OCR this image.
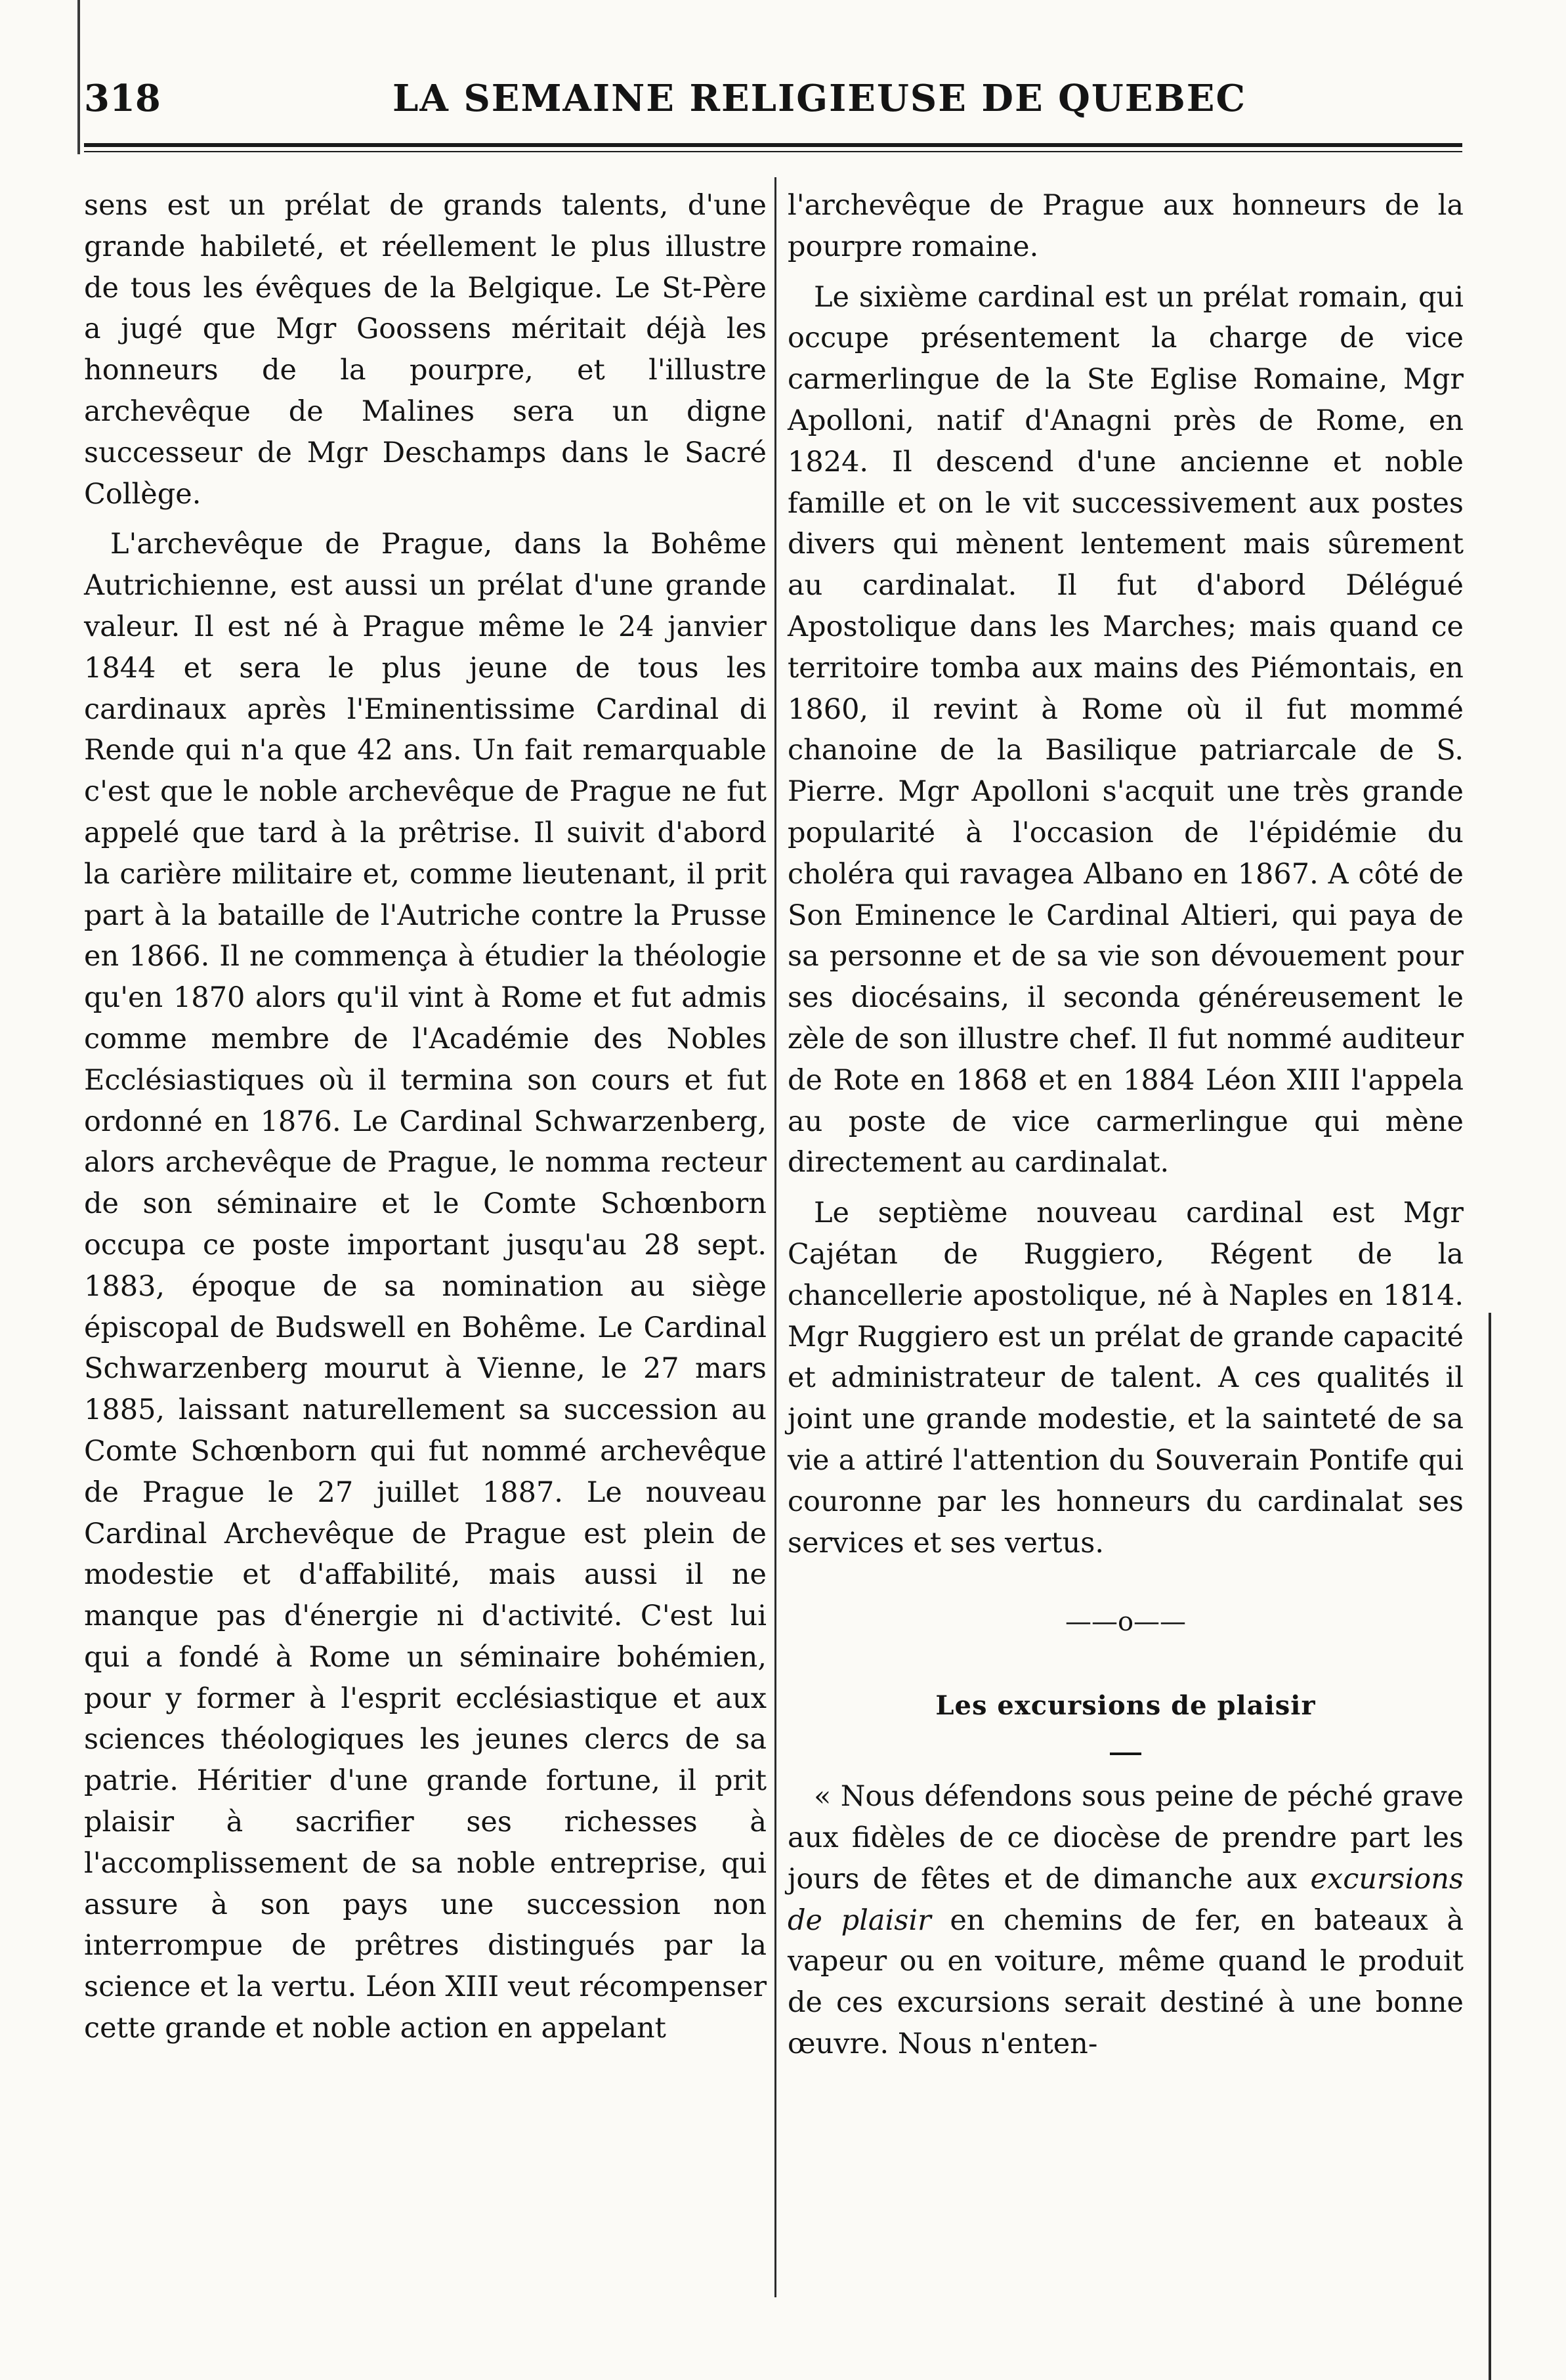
318	LA SEMAINE RELIGIEUSE DE QUEBEC

sens est un prélat de grands talents, d'une grande habileté, et réellement le plus illustre de tous les évêques de la Belgique. Le St-Père a jugé que Mgr Goossens méritait déjà les honneurs de la pourpre, et l'illustre archevêque de Malines sera un digne successeur de Mgr Deschamps dans le Sacré Collège.

L'archevêque de Prague, dans la Bohême Autrichienne, est aussi un prélat d'une grande valeur. Il est né à Prague même le 24 janvier 1844 et sera le plus jeune de tous les cardinaux après l'Eminentissime Cardinal di Rende qui n'a que 42 ans. Un fait remarquable c'est que le noble archevêque de Prague ne fut appelé que tard à la prêtrise. Il suivit d'abord la carière militaire et, comme lieutenant, il prit part à la bataille de l'Autriche contre la Prusse en 1866. Il ne commença à étudier la théologie qu'en 1870 alors qu'il vint à Rome et fut admis comme membre de l'Académie des Nobles Ecclésiastiques où il termina son cours et fut ordonné en 1876. Le Cardinal Schwarzenberg, alors archevêque de Prague, le nomma recteur de son séminaire et le Comte Schœnborn occupa ce poste important jusqu'au 28 sept. 1883, époque de sa nomination au siège épiscopal de Budswell en Bohême. Le Cardinal Schwarzenberg mourut à Vienne, le 27 mars 1885, laissant naturellement sa succession au Comte Schœnborn qui fut nommé archevêque de Prague le 27 juillet 1887. Le nouveau Cardinal Archevêque de Prague est plein de modestie et d'affabilité, mais aussi il ne manque pas d'énergie ni d'activité. C'est lui qui a fondé à Rome un séminaire bohémien, pour y former à l'esprit ecclésiastique et aux sciences théologiques les jeunes clercs de sa patrie. Héritier d'une grande fortune, il prit plaisir à sacrifier ses richesses à l'accomplissement de sa noble entreprise, qui assure à son pays une succession non interrompue de prêtres distingués par la science et la vertu. Léon XIII veut récompenser cette grande et noble action en appelant

l'archevêque de Prague aux honneurs de la pourpre romaine.

Le sixième cardinal est un prélat romain, qui occupe présentement la charge de vice carmerlingue de la Ste Eglise Romaine, Mgr Apolloni, natif d'Anagni près de Rome, en 1824. Il descend d'une ancienne et noble famille et on le vit successivement aux postes divers qui mènent lentement mais sûrement au cardinalat. Il fut d'abord Délégué Apostolique dans les Marches; mais quand ce territoire tomba aux mains des Piémontais, en 1860, il revint à Rome où il fut mommé chanoine de la Basilique patriarcale de S. Pierre. Mgr Apolloni s'acquit une très grande popularité à l'occasion de l'épidémie du choléra qui ravagea Albano en 1867. A côté de Son Eminence le Cardinal Altieri, qui paya de sa personne et de sa vie son dévouement pour ses diocésains, il seconda généreusement le zèle de son illustre chef. Il fut nommé auditeur de Rote en 1868 et en 1884 Léon XIII l'appela au poste de vice carmerlingue qui mène directement au cardinalat.

Le septième nouveau cardinal est Mgr Cajétan de Ruggiero, Régent de la chancellerie apostolique, né à Naples en 1814. Mgr Ruggiero est un prélat de grande capacité et administrateur de talent. A ces qualités il joint une grande modestie, et la sainteté de sa vie a attiré l'attention du Souverain Pontife qui couronne par les honneurs du cardinalat ses services et ses vertus.

——o——
Les excursions de plaisir

« Nous défendons sous peine de péché grave aux fidèles de ce diocèse de prendre part les jours de fêtes et de dimanche aux excursions de plaisir en chemins de fer, en bateaux à vapeur ou en voiture, même quand le produit de ces excursions serait destiné à une bonne œuvre. Nous n'enten-
